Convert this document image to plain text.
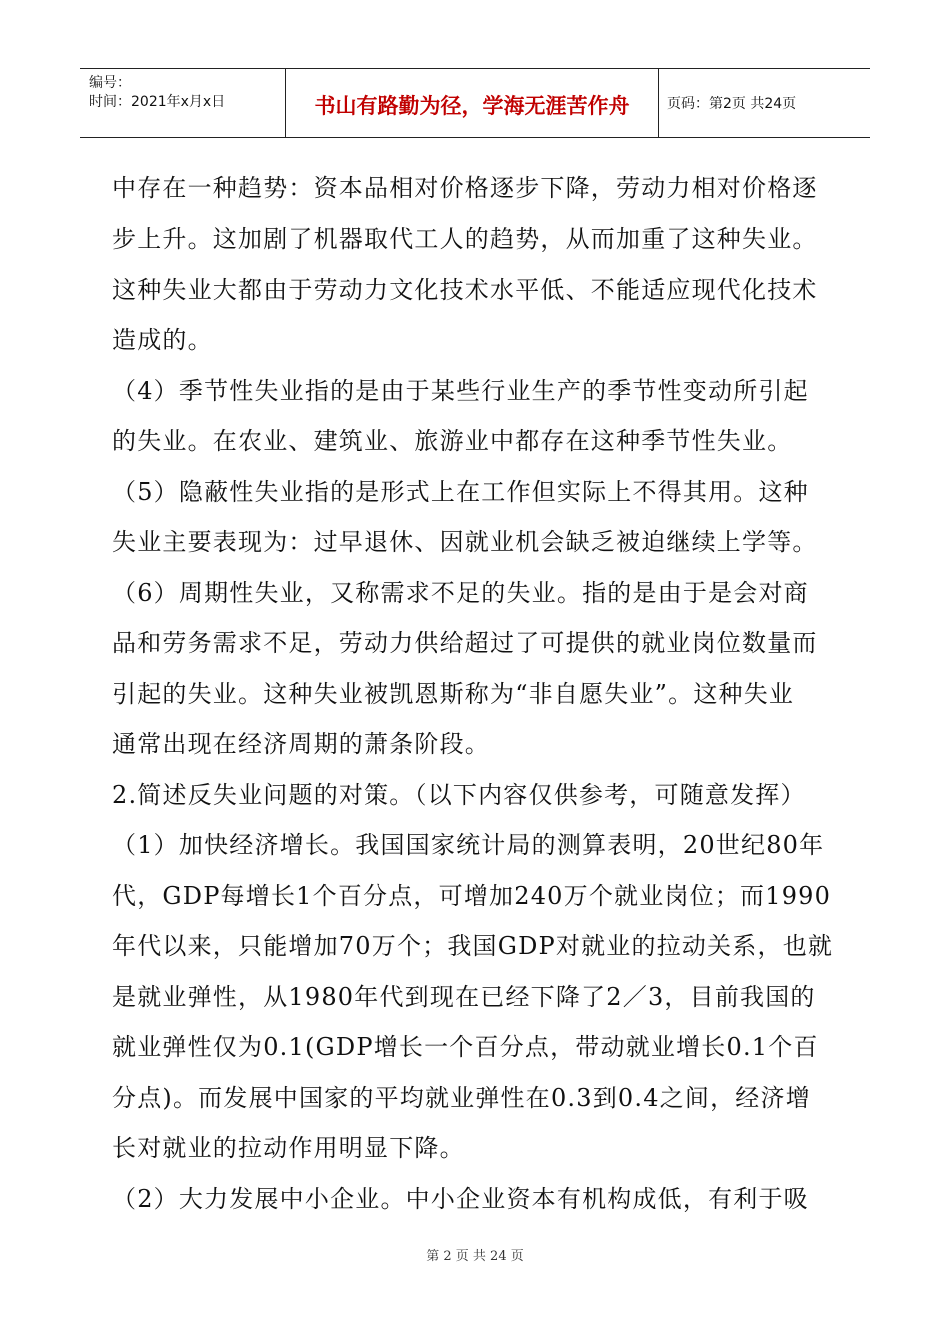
编号：
时间：2021年x月x日	书山有路勤为径，学海无涯苦作舟	页码：第2页 共24页
中存在一种趋势：资本品相对价格逐步下降，劳动力相对价格逐
步上升。这加剧了机器取代工人的趋势，从而加重了这种失业。
这种失业大都由于劳动力文化技术水平低、不能适应现代化技术
造成的。
（4）季节性失业指的是由于某些行业生产的季节性变动所引起
的失业。在农业、建筑业、旅游业中都存在这种季节性失业。
（5）隐蔽性失业指的是形式上在工作但实际上不得其用。这种
失业主要表现为：过早退休、因就业机会缺乏被迫继续上学等。
（6）周期性失业，又称需求不足的失业。指的是由于是会对商
品和劳务需求不足，劳动力供给超过了可提供的就业岗位数量而
引起的失业。这种失业被凯恩斯称为“非自愿失业”。这种失业
通常出现在经济周期的萧条阶段。
2.简述反失业问题的对策。（以下内容仅供参考，可随意发挥）
（1）加快经济增长。我国国家统计局的测算表明，20世纪80年
代，GDP每增长1个百分点，可增加240万个就业岗位；而1990
年代以来，只能增加70万个；我国GDP对就业的拉动关系，也就
是就业弹性，从1980年代到现在已经下降了2／3，目前我国的
就业弹性仅为0.1(GDP增长一个百分点，带动就业增长0.1个百
分点)。而发展中国家的平均就业弹性在0.3到0.4之间，经济增
长对就业的拉动作用明显下降。
（2）大力发展中小企业。中小企业资本有机构成低，有利于吸
第 2 页 共 24 页
